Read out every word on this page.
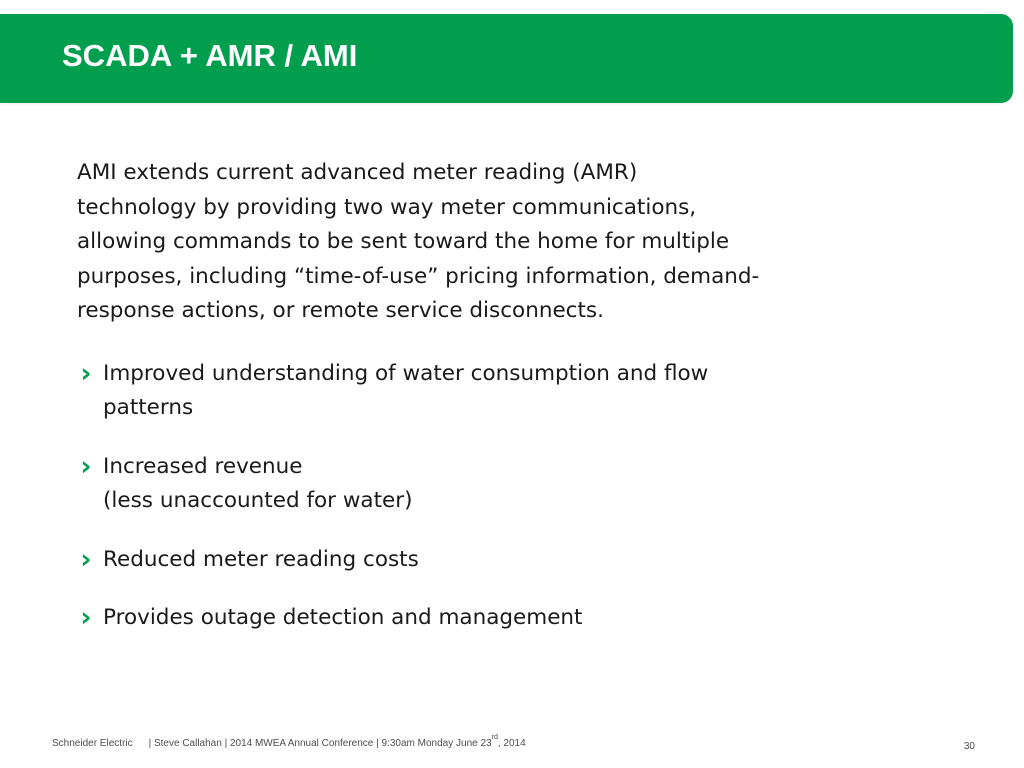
SCADA + AMR / AMI

AMI extends current advanced meter reading (AMR) technology by providing two way meter communications, allowing commands to be sent toward the home for multiple purposes, including “time-of-use” pricing information, demand-response actions, or remote service disconnects.

› Improved understanding of water consumption and flow patterns
› Increased revenue
(less unaccounted for water)
› Reduced meter reading costs
› Provides outage detection and management
Schneider Electric | Steve Callahan | 2014 MWEA Annual Conference | 9:30am Monday June 23rd, 2014	30
